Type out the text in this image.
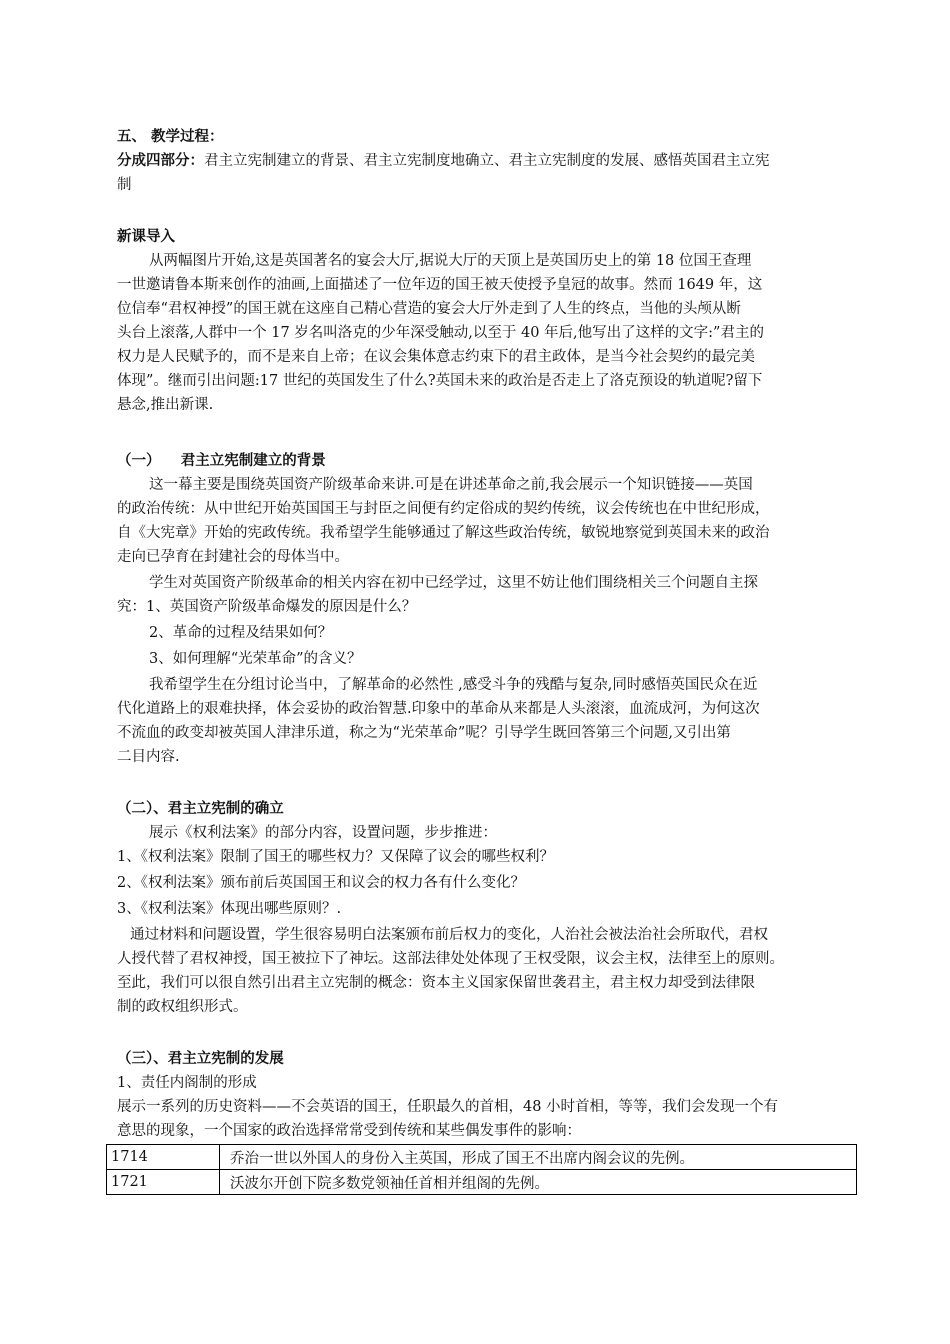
五、 教学过程：
分成四部分：君主立宪制建立的背景、君主立宪制度地确立、君主立宪制度的发展、感悟英国君主立宪
制
新课导入
从两幅图片开始,这是英国著名的宴会大厅,据说大厅的天顶上是英国历史上的第 18 位国王查理
一世邀请鲁本斯来创作的油画,上面描述了一位年迈的国王被天使授予皇冠的故事。然而 1649 年，这
位信奉“君权神授”的国王就在这座自己精心营造的宴会大厅外走到了人生的终点，当他的头颅从断
头台上滚落,人群中一个 17 岁名叫洛克的少年深受触动,以至于 40 年后,他写出了这样的文字:”君主的
权力是人民赋予的，而不是来自上帝；在议会集体意志约束下的君主政体，是当今社会契约的最完美
体现”。继而引出问题:17 世纪的英国发生了什么?英国未来的政治是否走上了洛克预设的轨道呢?留下
悬念,推出新课.
（一）    君主立宪制建立的背景
这一幕主要是围绕英国资产阶级革命来讲.可是在讲述革命之前,我会展示一个知识链接——英国
的政治传统：从中世纪开始英国国王与封臣之间便有约定俗成的契约传统，议会传统也在中世纪形成，
自《大宪章》开始的宪政传统。我希望学生能够通过了解这些政治传统，敏锐地察觉到英国未来的政治
走向已孕育在封建社会的母体当中。
学生对英国资产阶级革命的相关内容在初中已经学过，这里不妨让他们围绕相关三个问题自主探
究：1、英国资产阶级革命爆发的原因是什么？
2、革命的过程及结果如何？
3、如何理解“光荣革命”的含义？
我希望学生在分组讨论当中，了解革命的必然性 ,感受斗争的残酷与复杂,同时感悟英国民众在近
代化道路上的艰难抉择，体会妥协的政治智慧.印象中的革命从来都是人头滚滚，血流成河，为何这次
不流血的政变却被英国人津津乐道，称之为“光荣革命”呢？引导学生既回答第三个问题,又引出第
二目内容.
（二）、君主立宪制的确立
展示《权利法案》的部分内容，设置问题，步步推进：
1、《权利法案》限制了国王的哪些权力？又保障了议会的哪些权利？
2、《权利法案》颁布前后英国国王和议会的权力各有什么变化？
3、《权利法案》体现出哪些原则？.
通过材料和问题设置，学生很容易明白法案颁布前后权力的变化，人治社会被法治社会所取代，君权
人授代替了君权神授，国王被拉下了神坛。这部法律处处体现了王权受限，议会主权，法律至上的原则。
至此，我们可以很自然引出君主立宪制的概念：资本主义国家保留世袭君主，君主权力却受到法律限
制的政权组织形式。
（三）、君主立宪制的发展
1、责任内阁制的形成
展示一系列的历史资料——不会英语的国王，任职最久的首相，48 小时首相，等等，我们会发现一个有
意思的现象，一个国家的政治选择常常受到传统和某些偶发事件的影响：
1714	乔治一世以外国人的身份入主英国，形成了国王不出席内阁会议的先例。
1721	沃波尔开创下院多数党领袖任首相并组阁的先例。
